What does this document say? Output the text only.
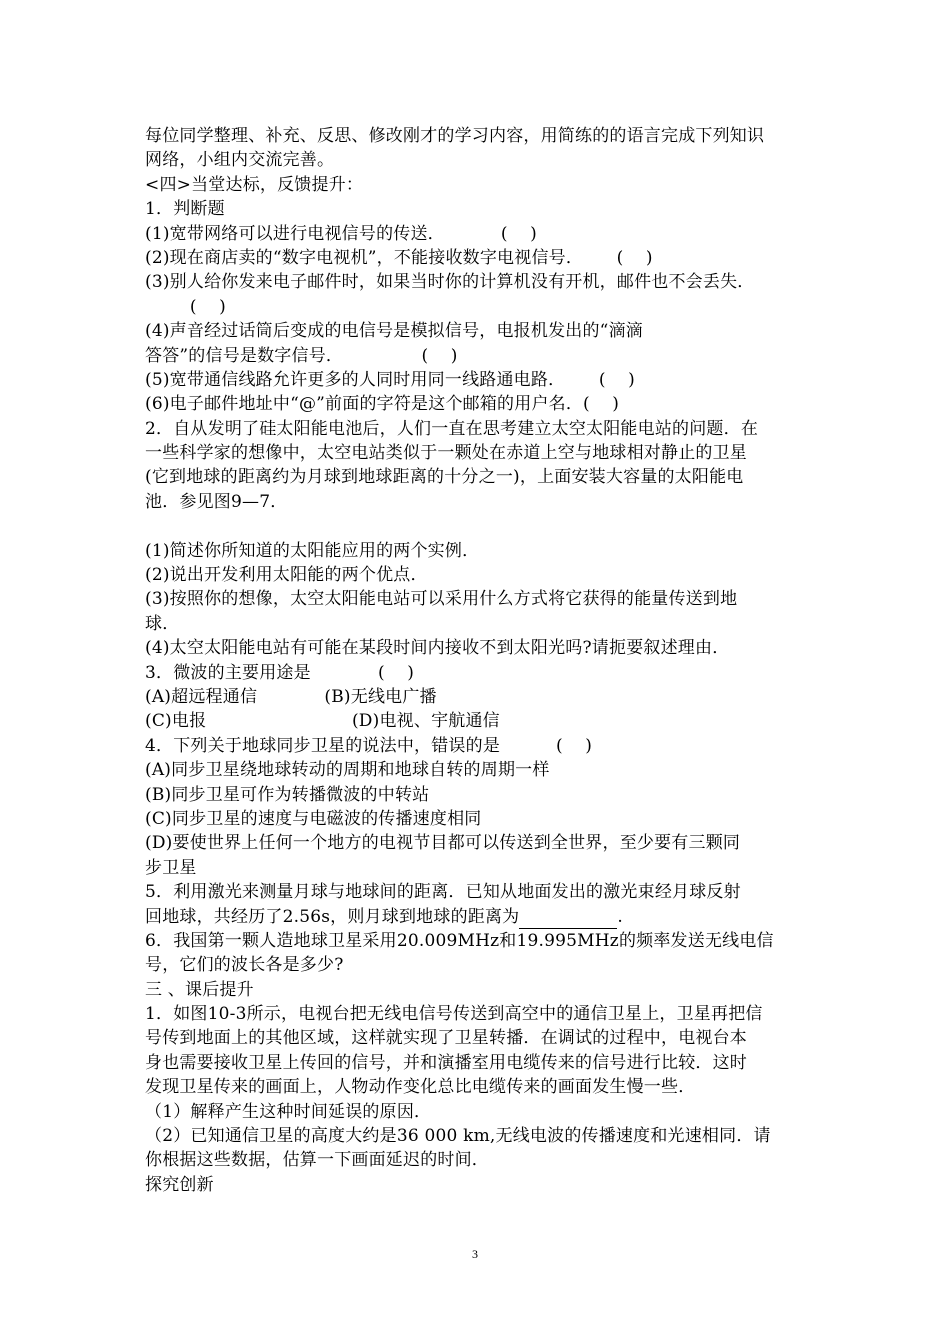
每位同学整理、补充、反思、修改刚才的学习内容，用简练的的语言完成下列知识
网络，小组内交流完善。
<四>当堂达标，反馈提升：
1．判断题
(1)宽带网络可以进行电视信号的传送．          (    )
(2)现在商店卖的“数字电视机”，不能接收数字电视信号．      (    )
(3)别人给你发来电子邮件时，如果当时你的计算机没有开机，邮件也不会丢失．
(    )
(4)声音经过话筒后变成的电信号是模拟信号，电报机发出的“滴滴
答答”的信号是数字信号．              (    )
(5)宽带通信线路允许更多的人同时用同一线路通电路．      (    )
(6)电子邮件地址中“@”前面的字符是这个邮箱的用户名．(    )
2．自从发明了硅太阳能电池后，人们一直在思考建立太空太阳能电站的问题．在
一些科学家的想像中，太空电站类似于一颗处在赤道上空与地球相对静止的卫星
(它到地球的距离约为月球到地球距离的十分之一)，上面安装大容量的太阳能电
池．参见图9—7．
(1)简述你所知道的太阳能应用的两个实例．
(2)说出开发利用太阳能的两个优点．
(3)按照你的想像，太空太阳能电站可以采用什么方式将它获得的能量传送到地
球．
(4)太空太阳能电站有可能在某段时间内接收不到太阳光吗?请扼要叙述理由．
3．微波的主要用途是            (    )
(A)超远程通信            (B)无线电广播
(C)电报                          (D)电视、宇航通信
4．下列关于地球同步卫星的说法中，错误的是          (    )
(A)同步卫星绕地球转动的周期和地球自转的周期一样
(B)同步卫星可作为转播微波的中转站
(C)同步卫星的速度与电磁波的传播速度相同
(D)要使世界上任何一个地方的电视节目都可以传送到全世界，至少要有三颗同
步卫星
5．利用激光来测量月球与地球间的距离．已知从地面发出的激光束经月球反射
回地球，共经历了2.56s，则月球到地球的距离为	.
6．我国第一颗人造地球卫星采用20.009MHz和19.995MHz的频率发送无线电信
号，它们的波长各是多少?
三 、课后提升
1．如图10-3所示，电视台把无线电信号传送到高空中的通信卫星上，卫星再把信
号传到地面上的其他区域，这样就实现了卫星转播．在调试的过程中，电视台本
身也需要接收卫星上传回的信号，并和演播室用电缆传来的信号进行比较．这时
发现卫星传来的画面上，人物动作变化总比电缆传来的画面发生慢一些．
（1）解释产生这种时间延误的原因．
（2）已知通信卫星的高度大约是36 000 km,无线电波的传播速度和光速相同．请
你根据这些数据，估算一下画面延迟的时间．
探究创新
3
